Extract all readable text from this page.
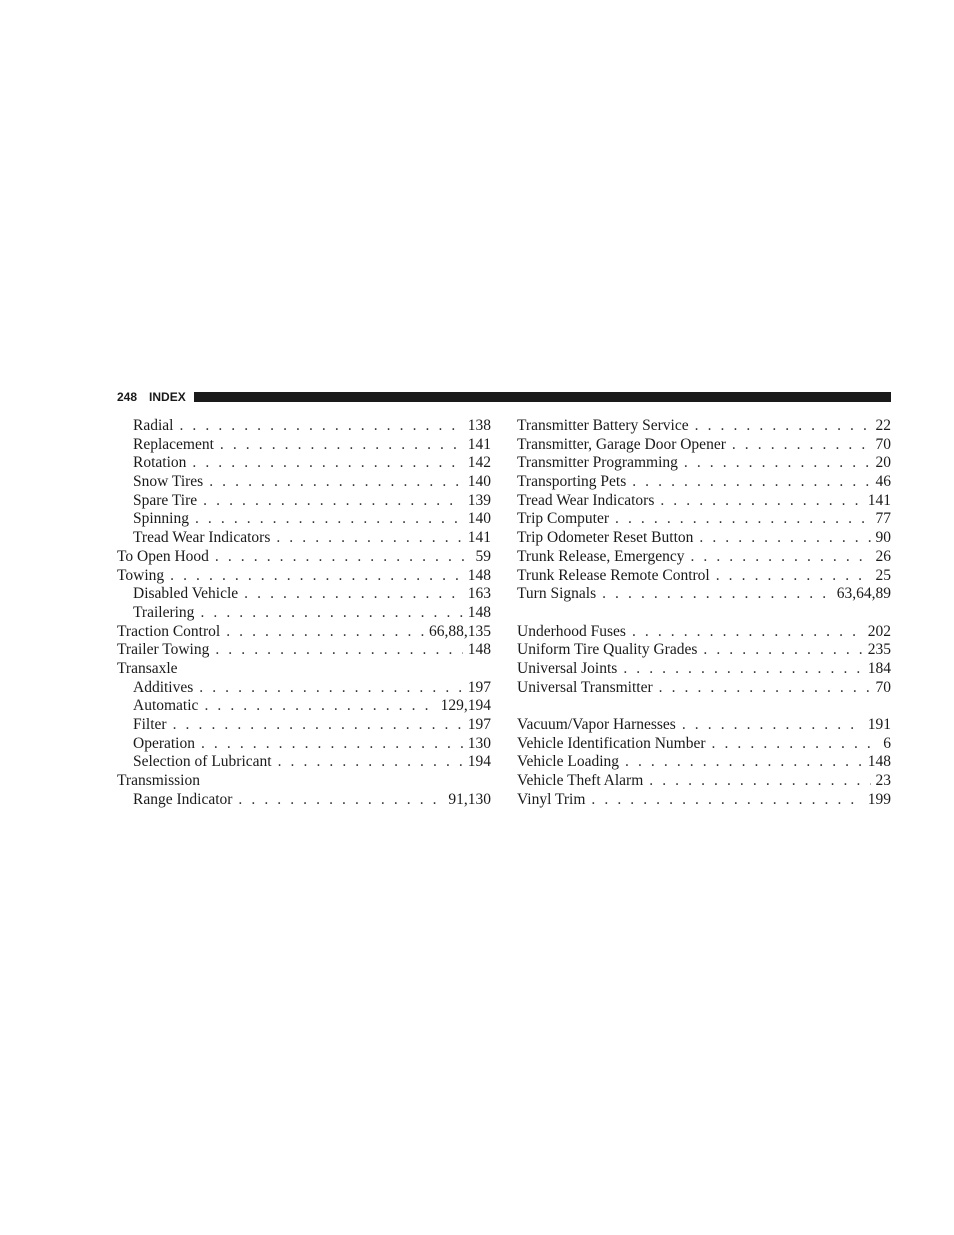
248 INDEX
Radial . . .	138
Replacement . . .	141
Rotation . . .	142
Snow Tires . . .	140
Spare Tire . . .	139
Spinning . . .	140
Tread Wear Indicators . . .	141
To Open Hood . . .	59
Towing . . .	148
Disabled Vehicle . . .	163
Trailering . . .	148
Traction Control . . .	66,88,135
Trailer Towing . . .	148
Transaxle
Additives . . .	197
Automatic . . .	129,194
Filter . . .	197
Operation . . .	130
Selection of Lubricant . . .	194
Transmission
Range Indicator . . .	91,130
Transmitter Battery Service . . .	22
Transmitter, Garage Door Opener . . .	70
Transmitter Programming . . .	20
Transporting Pets . . .	46
Tread Wear Indicators . . .	141
Trip Computer . . .	77
Trip Odometer Reset Button . . .	90
Trunk Release, Emergency . . .	26
Trunk Release Remote Control . . .	25
Turn Signals . . .	63,64,89
Underhood Fuses . . .	202
Uniform Tire Quality Grades . . .	235
Universal Joints . . .	184
Universal Transmitter . . .	70
Vacuum/Vapor Harnesses . . .	191
Vehicle Identification Number . . .	6
Vehicle Loading . . .	148
Vehicle Theft Alarm . . .	23
Vinyl Trim . . .	199
